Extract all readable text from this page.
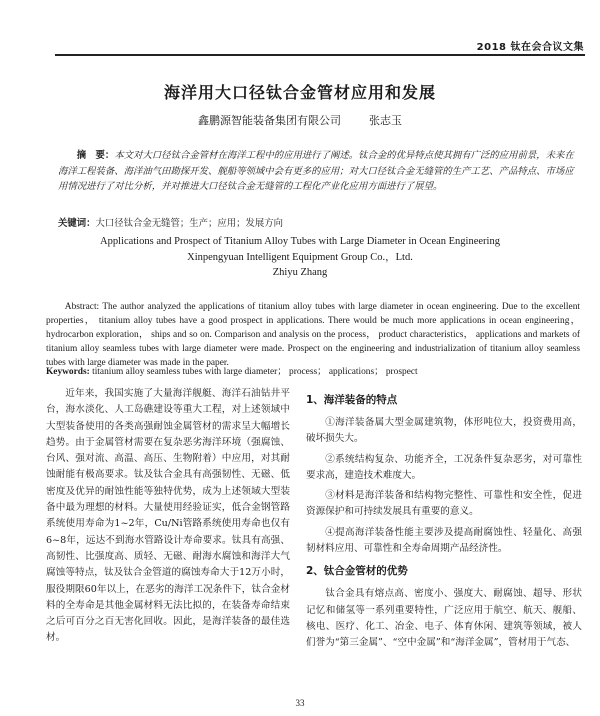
2018 钛在会合议文集
海洋用大口径钛合金管材应用和发展
鑫鹏源智能装备集团有限公司	张志玉
摘　要：本文对大口径钛合金管材在海洋工程中的应用进行了阐述。钛合金的优异特点使其拥有广泛的应用前景，未来在海洋工程装备、海洋油气田勘探开发、舰船等领域中会有更多的应用；对大口径钛合金无缝管的生产工艺、产品特点、市场应用情况进行了对比分析，并对推进大口径钛合金无缝管的工程化产业化应用方面进行了展望。
关键词：大口径钛合金无缝管；生产；应用；发展方向
Applications and Prospect of Titanium Alloy Tubes with Large Diameter in Ocean Engineering
Xinpengyuan Intelligent Equipment Group Co.，Ltd.
Zhiyu Zhang
Abstract: The author analyzed the applications of titanium alloy tubes with large diameter in ocean engineering. Due to the excellent properties， titanium alloy tubes have a good prospect in applications. There would be much more applications in ocean engineering， hydrocarbon exploration， ships and so on. Comparison and analysis on the process， product characteristics， applications and markets of titanium alloy seamless tubes with large diameter were made. Prospect on the engineering and industrialization of titanium alloy seamless tubes with large diameter was made in the paper.
Keywords: titanium alloy seamless tubes with large diameter； process； applications； prospect
近年来，我国实施了大量海洋舰艇、海洋石油钻井平台，海水淡化、人工岛礁建设等重大工程，对上述领域中大型装备使用的各类高强耐蚀金属管材的需求呈大幅增长趋势。由于金属管材需要在复杂恶劣海洋环境（强腐蚀、台风、强对流、高温、高压、生物附着）中应用，对其耐蚀耐能有极高要求。钛及钛合金具有高强韧性、无磁、低密度及优异的耐蚀性能等独特优势，成为上述领域大型装备中最为理想的材料。大量使用经验证实，低合金钢管路系统使用寿命为1~2年，Cu/Ni管路系统使用寿命也仅有6~8年，远达不到海水管路设计寿命要求。钛具有高强、高韧性、比强度高、质轻、无磁、耐海水腐蚀和海洋大气腐蚀等特点，钛及钛合金管道的腐蚀寿命大于12万小时，服役期限60年以上，在恶劣的海洋工况条件下，钛合金材料的全寿命是其他金属材料无法比拟的，在装备寿命结束之后可百分之百无害化回收。因此，是海洋装备的最佳选材。
1、海洋装备的特点

①海洋装备属大型金属建筑物，体形吨位大，投资费用高，破坏损失大。

②系统结构复杂、功能齐全，工况条件复杂恶劣，对可靠性要求高，建造技术难度大。

③材料是海洋装备和结构物完整性、可靠性和安全性，促进资源保护和可持续发展具有重要的意义。

④提高海洋装备性能主要涉及提高耐腐蚀性、轻量化、高强韧材料应用、可靠性和全寿命周期产品经济性。

2、钛合金管材的优势

钛合金具有熔点高、密度小、强度大、耐腐蚀、超导、形状记忆和储氢等一系列重要特性，广泛应用于航空、航天、舰船、核电、医疗、化工、冶金、电子、体育休闲、建筑等领域，被人们誉为“第三金属”、“空中金属”和“海洋金属”，管材用于气态、

33
